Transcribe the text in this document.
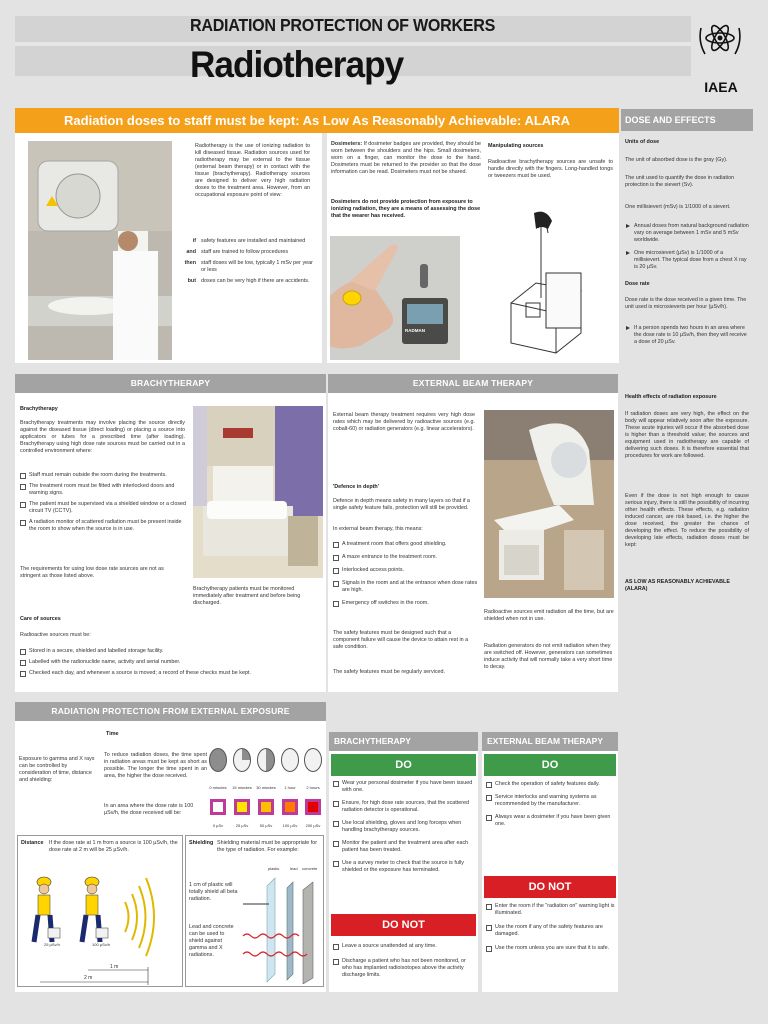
RADIATION PROTECTION OF WORKERS
Radiotherapy
IAEA
Radiation doses to staff must be kept: As Low As Reasonably Achievable: ALARA
Radiotherapy is the use of ionizing radiation to kill diseased tissue. Radiation sources used for radiotherapy may be external to the tissue (external beam therapy) or in contact with the tissue (brachytherapy). Radiotherapy sources are designed to deliver very high radiation doses to the treatment area. However, from an occupational exposure point of view:
if safety features are installed and maintained
and staff are trained to follow procedures
then staff doses will be low, typically 1 mSv per year or less
but doses can be very high if there are accidents.
Dosimeters: If dosimeter badges are provided, they should be worn between the shoulders and the hips. Small dosimeters, worn on a finger, can monitor the dose to the hand. Dosimeters must be returned to the provider so that the dose information can be read. Dosimeters must not be shared.
Dosimeters do not provide protection from exposure to ionizing radiation, they are a means of assessing the dose that the wearer has received.
RADMAN
Manipulating sources
Radioactive brachytherapy sources are unsafe to handle directly with the fingers. Long-handled tongs or tweezers must be used.
DOSE AND EFFECTS
Units of dose
The unit of absorbed dose is the gray (Gy).
The unit used to quantify the dose in radiation protection is the sievert (Sv).
One millisievert (mSv) is 1/1000 of a sievert.
Annual doses from natural background radiation vary on average between 1 mSv and 5 mSv worldwide.
One microsievert (µSv) is 1/1000 of a millisievert. The typical dose from a chest X ray is 20 µSv.
Dose rate
Dose rate is the dose received in a given time. The unit used is microsieverts per hour (µSv/h).
If a person spends two hours in an area where the dose rate is 10 µSv/h, then they will receive a dose of 20 µSv.
Health effects of radiation exposure
If radiation doses are very high, the effect on the body will appear relatively soon after the exposure. These acute injuries will occur if the absorbed dose is higher than a threshold value; the sources and equipment used in radiotherapy are capable of delivering such doses. It is therefore essential that procedures for work are followed.
Even if the dose is not high enough to cause serious injury, there is still the possibility of incurring other health effects. These effects, e.g. radiation induced cancer, are risk based, i.e. the higher the dose received, the greater the chance of developing the effect. To reduce the possibility of developing late effects, radiation doses must be kept:
AS LOW AS REASONABLY ACHIEVABLE (ALARA)
BRACHYTHERAPY
Brachytherapy
Brachytherapy treatments may involve placing the source directly against the diseased tissue (direct loading) or placing a source into applicators or tubes for a prescribed time (after loading). Brachytherapy using high dose rate sources must be carried out in a controlled environment where:
Staff must remain outside the room during the treatments.
The treatment room must be fitted with interlocked doors and warning signs.
The patient must be supervised via a shielded window or a closed circuit TV (CCTV).
A radiation monitor of scattered radiation must be present inside the room to show when the source is in use.
The requirements for using low dose rate sources are not as stringent as those listed above.
Care of sources
Radioactive sources must be:
Stored in a secure, shielded and labelled storage facility.
Labelled with the radionuclide name, activity and serial number.
Checked each day, and whenever a source is moved; a record of these checks must be kept.
Brachytherapy patients must be monitored immediately after treatment and before being discharged.
EXTERNAL BEAM THERAPY
External beam therapy treatment requires very high dose rates which may be delivered by radioactive sources (e.g. cobalt-60) or radiation generators (e.g. linear accelerators).
'Defence in depth'
Defence in depth means safety in many layers so that if a single safety feature fails, protection will still be provided.
In external beam therapy, this means:
A treatment room that offers good shielding.
A maze entrance to the treatment room.
Interlocked access points.
Signals in the room and at the entrance when dose rates are high.
Emergency off switches in the room.
The safety features must be designed such that a component failure will cause the device to attain rest in a safe condition.
The safety features must be regularly serviced.
Radioactive sources emit radiation all the time, but are shielded when not in use.
Radiation generators do not emit radiation when they are switched off. However, generators can sometimes induce activity that will normally take a very short time to decay.
RADIATION PROTECTION FROM EXTERNAL EXPOSURE
Exposure to gamma and X rays can be controlled by consideration of time, distance and shielding:
Time
To reduce radiation doses, the time spent in radiation areas must be kept as short as possible. The longer the time spent in an area, the higher the dose received.
In an area where the dose rate is 100 µSv/h, the dose received will be:
0 minutes	15 minutes	30 minutes	1 hour	2 hours
0 µSv	25 µSv	50 µSv	100 µSv	200 µSv
Distance If the dose rate at 1 m from a source is 100 µSv/h, the dose rate at 2 m will be 25 µSv/h.
25 µSv/h	100 µSv/h
1 m
2 m
Shielding Shielding material must be appropriate for the type of radiation. For example:
1 cm of plastic will totally shield all beta radiation.
Lead and concrete can be used to shield against gamma and X radiations.
plastic	lead concrete
BRACHYTHERAPY
DO
Wear your personal dosimeter if you have been issued with one.
Ensure, for high dose rate sources, that the scattered radiation detector is operational.
Use local shielding, gloves and long forceps when handling brachytherapy sources.
Monitor the patient and the treatment area after each patient has been treated.
Use a survey meter to check that the source is fully shielded or the exposure has terminated.
DO NOT
Leave a source unattended at any time.
Discharge a patient who has not been monitored, or who has implanted radioisotopes above the activity discharge limits.
EXTERNAL BEAM THERAPY
DO
Check the operation of safety features daily.
Service interlocks and warning systems as recommended by the manufacturer.
Always wear a dosimeter if you have been given one.
DO NOT
Enter the room if the "radiation on" warning light is illuminated.
Use the room if any of the safety features are damaged.
Use the room unless you are sure that it is safe.
